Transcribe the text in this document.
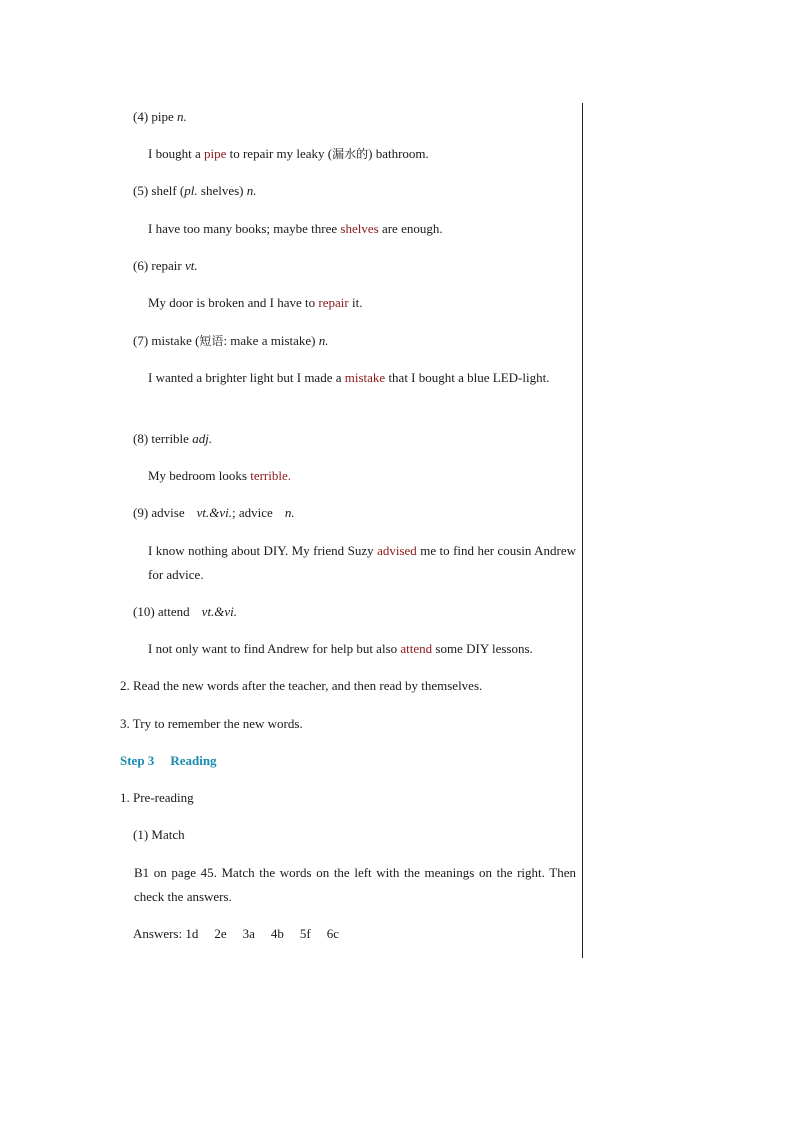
(4) pipe n.
I bought a pipe to repair my leaky (漏水的) bathroom.
(5) shelf (pl. shelves) n.
I have too many books; maybe three shelves are enough.
(6) repair vt.
My door is broken and I have to repair it.
(7) mistake (短语: make a mistake) n.
I wanted a brighter light but I made a mistake that I bought a blue LED-light.
(8) terrible adj.
My bedroom looks terrible.
(9) advise vt.&vi.; advice n.
I know nothing about DIY. My friend Suzy advised me to find her cousin Andrew for advice.
(10) attend vt.&vi.
I not only want to find Andrew for help but also attend some DIY lessons.
2. Read the new words after the teacher, and then read by themselves.
3. Try to remember the new words.
Step 3 Reading
1. Pre-reading
(1) Match
B1 on page 45. Match the words on the left with the meanings on the right. Then check the answers.
Answers: 1d 2e 3a 4b 5f 6c
